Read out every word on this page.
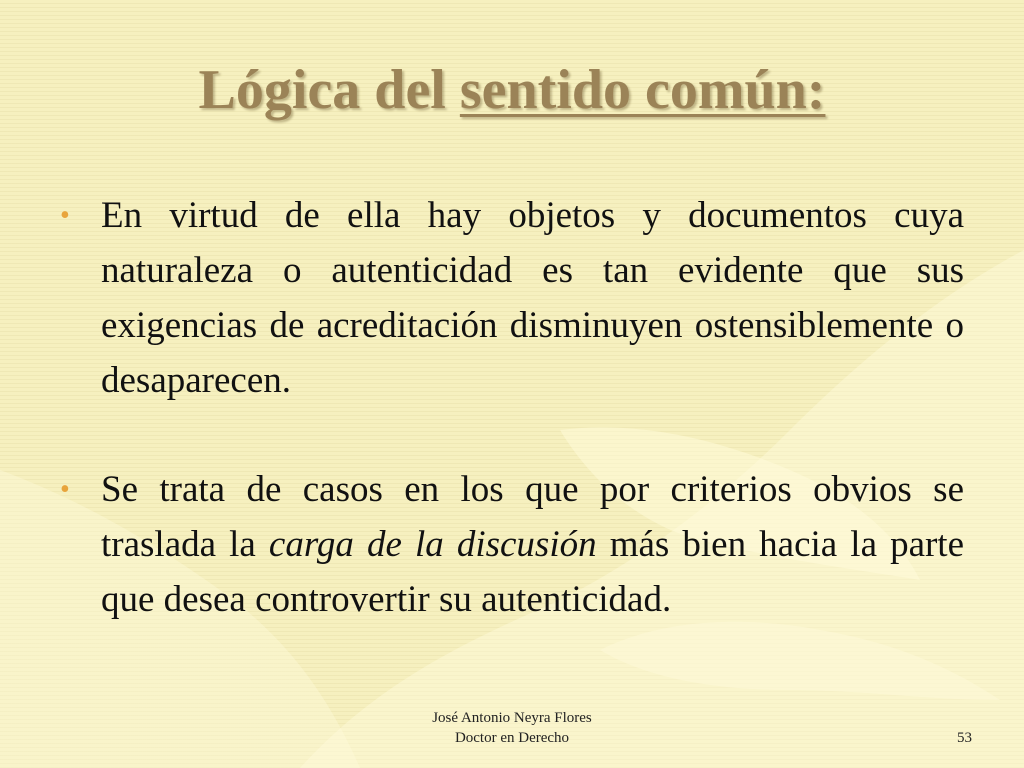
Lógica del sentido común:
• En virtud de ella hay objetos y documentos cuya naturaleza o autenticidad es tan evidente que sus exigencias de acreditación disminuyen ostensiblemente o desaparecen.
• Se trata de casos en los que por criterios obvios se traslada la carga de la discusión más bien hacia la parte que desea controvertir su autenticidad.
José Antonio Neyra Flores
Doctor en Derecho	53
